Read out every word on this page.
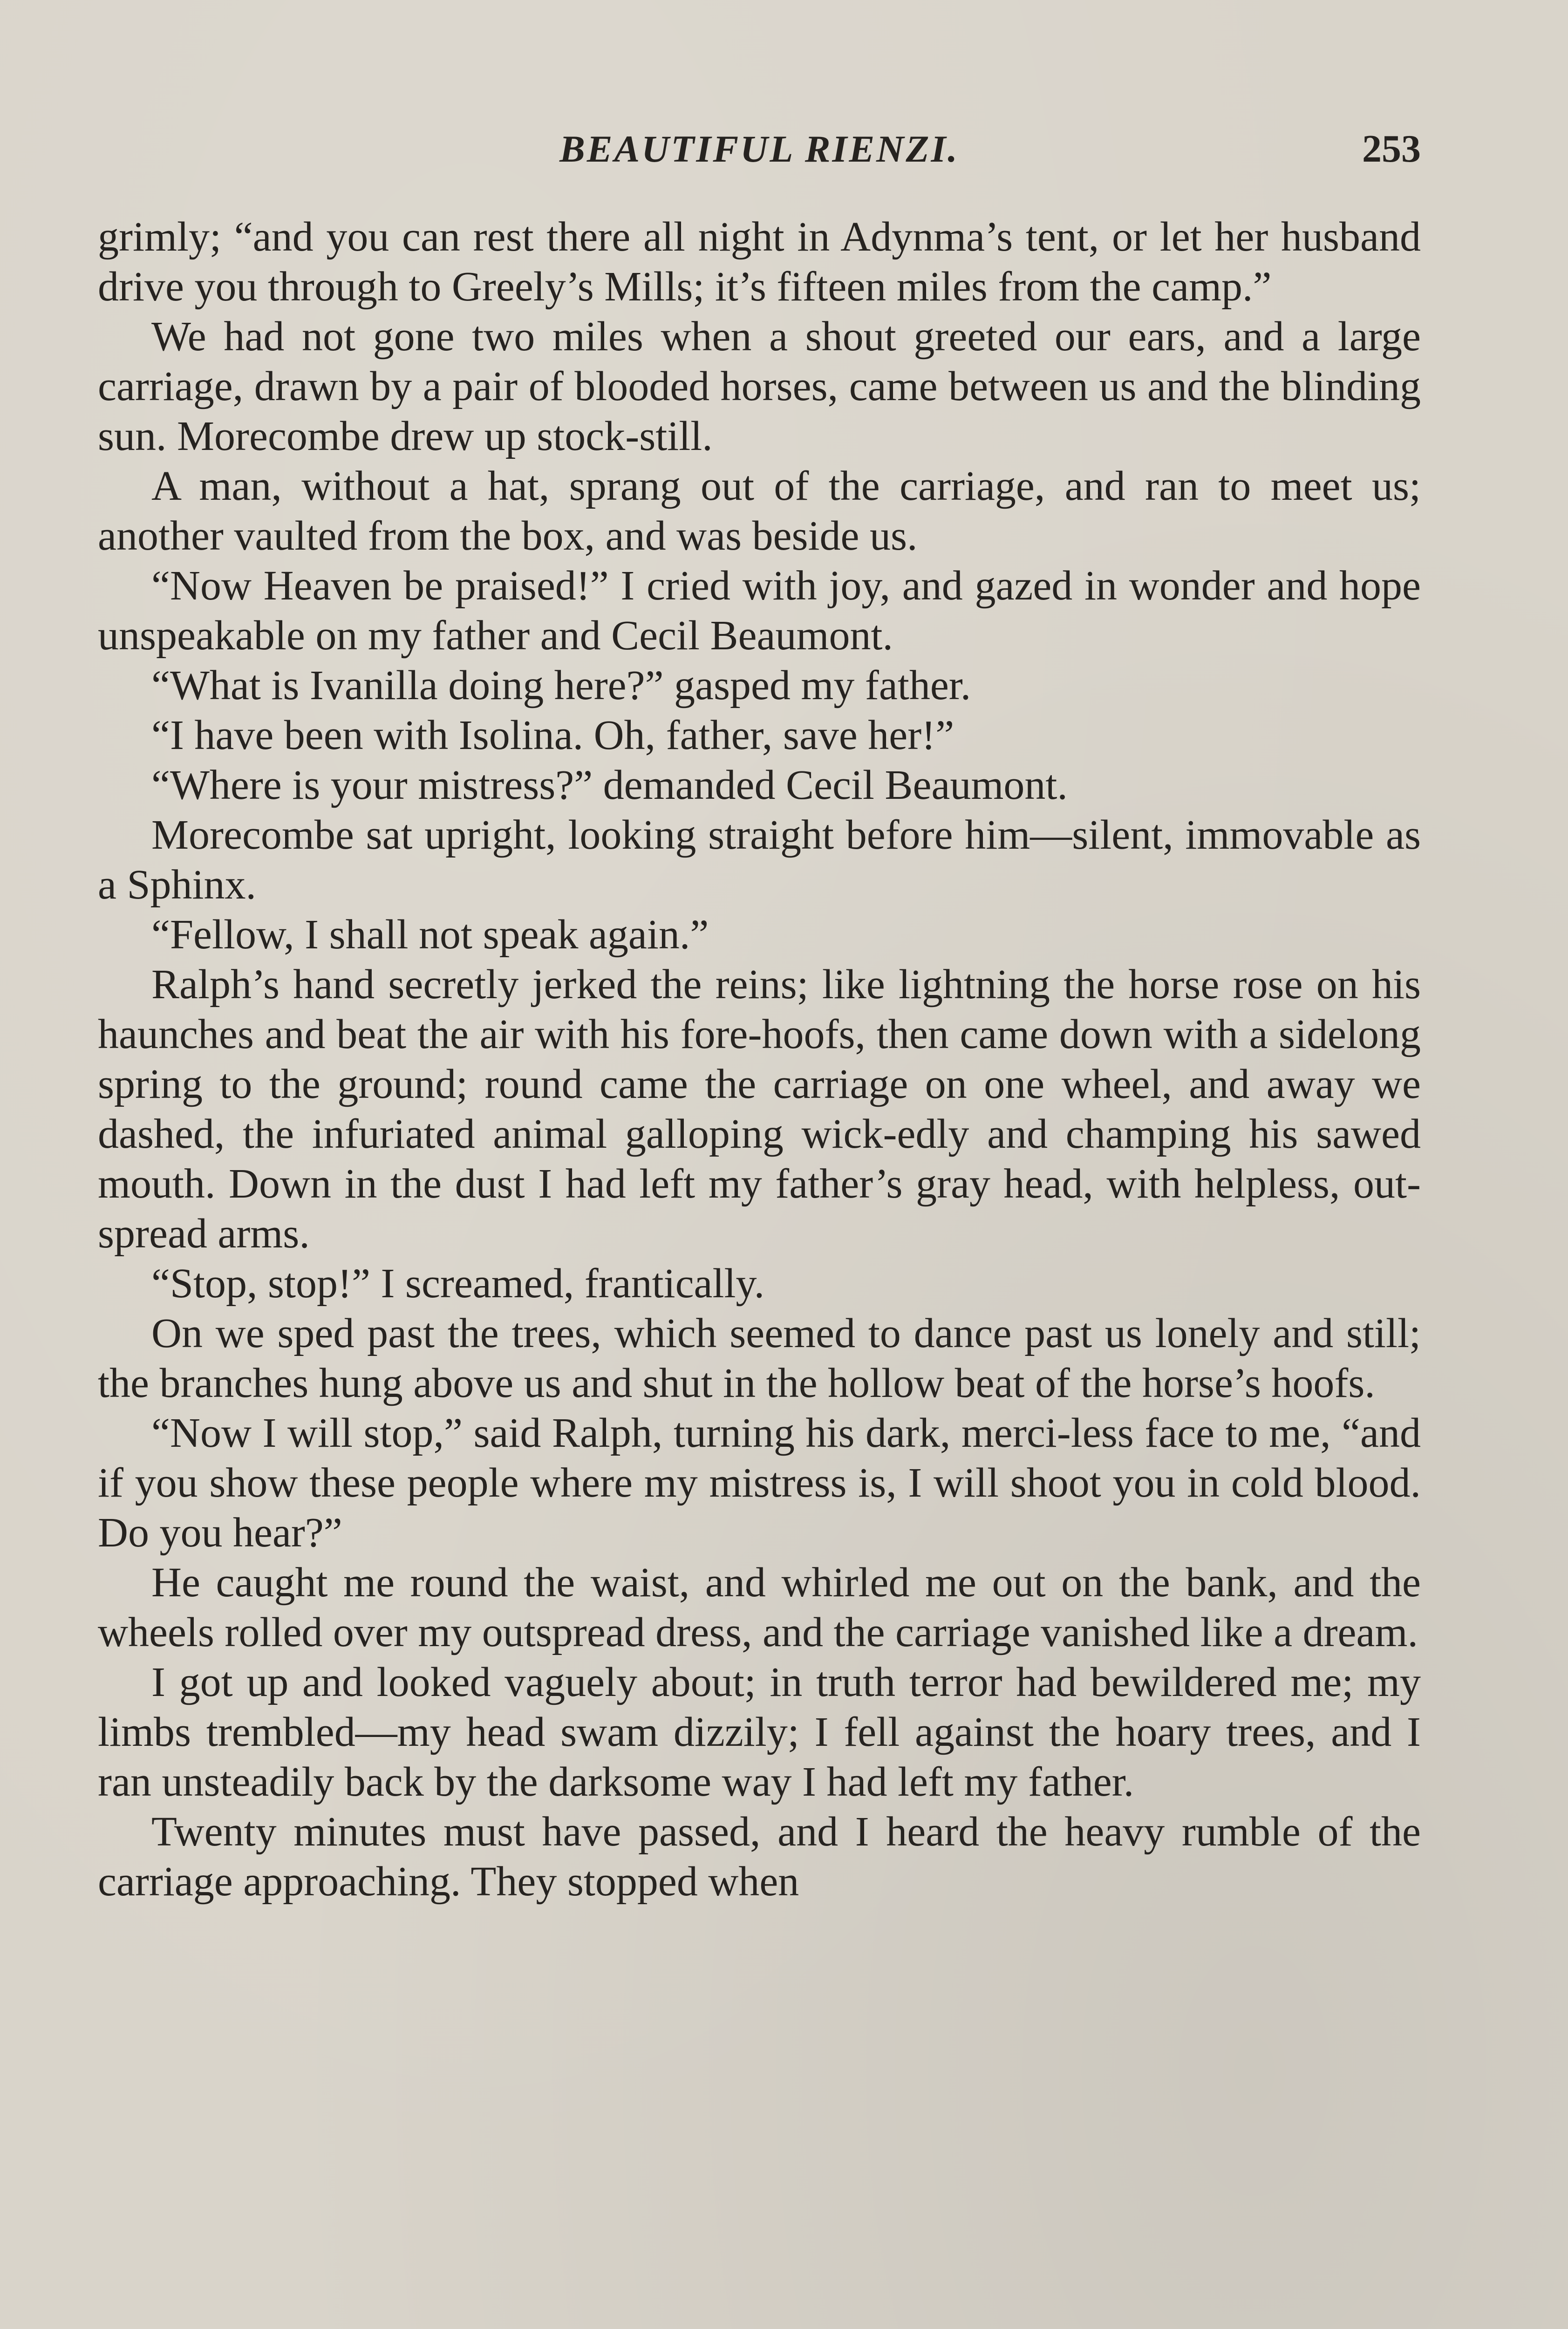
BEAUTIFUL RIENZI.	253

grimly; “and you can rest there all night in Adynma’s tent, or let her husband drive you through to Greely’s Mills; it’s fifteen miles from the camp.”

We had not gone two miles when a shout greeted our ears, and a large carriage, drawn by a pair of blooded horses, came between us and the blinding sun. Morecombe drew up stock-still.

A man, without a hat, sprang out of the carriage, and ran to meet us; another vaulted from the box, and was beside us.

“Now Heaven be praised!” I cried with joy, and gazed in wonder and hope unspeakable on my father and Cecil Beaumont.

“What is Ivanilla doing here?” gasped my father.

“I have been with Isolina. Oh, father, save her!”

“Where is your mistress?” demanded Cecil Beaumont.

Morecombe sat upright, looking straight before him—silent, immovable as a Sphinx.

“Fellow, I shall not speak again.”

Ralph’s hand secretly jerked the reins; like lightning the horse rose on his haunches and beat the air with his fore-hoofs, then came down with a sidelong spring to the ground; round came the carriage on one wheel, and away we dashed, the infuriated animal galloping wick-edly and champing his sawed mouth. Down in the dust I had left my father’s gray head, with helpless, out-spread arms.

“Stop, stop!” I screamed, frantically.

On we sped past the trees, which seemed to dance past us lonely and still; the branches hung above us and shut in the hollow beat of the horse’s hoofs.

“Now I will stop,” said Ralph, turning his dark, merci-less face to me, “and if you show these people where my mistress is, I will shoot you in cold blood. Do you hear?”

He caught me round the waist, and whirled me out on the bank, and the wheels rolled over my outspread dress, and the carriage vanished like a dream.

I got up and looked vaguely about; in truth terror had bewildered me; my limbs trembled—my head swam dizzily; I fell against the hoary trees, and I ran unsteadily back by the darksome way I had left my father.

Twenty minutes must have passed, and I heard the heavy rumble of the carriage approaching. They stopped when
